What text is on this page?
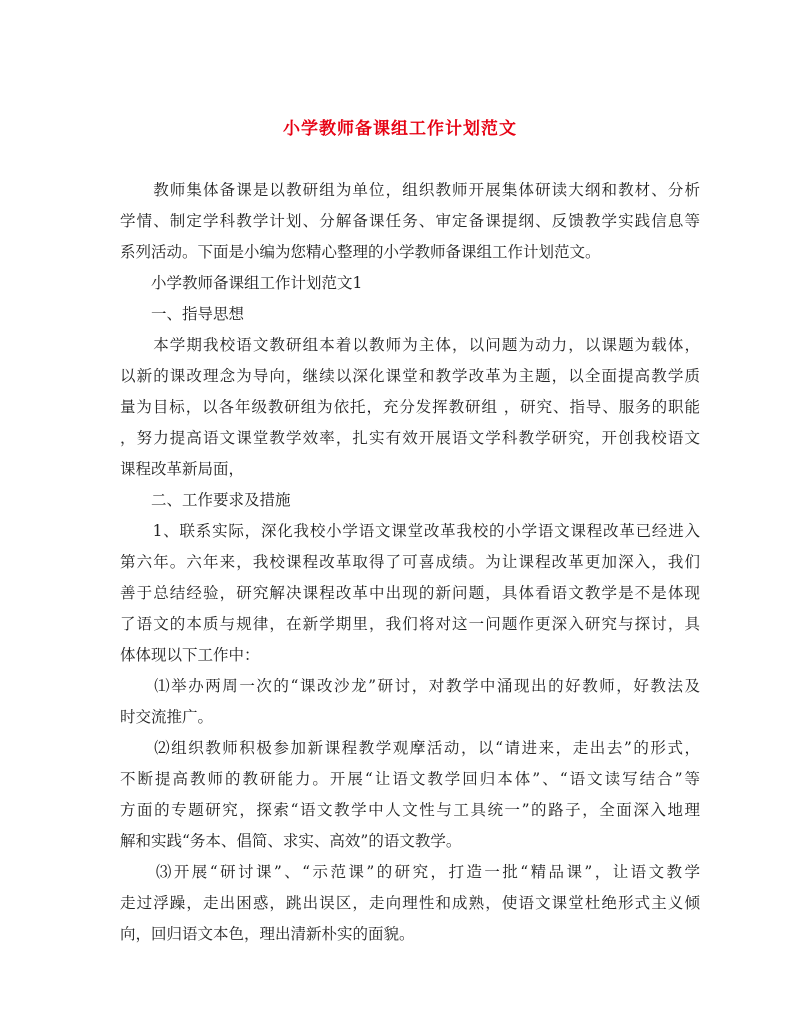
小学教师备课组工作计划范文
　　教师集体备课是以教研组为单位，组织教师开展集体研读大纲和教材、分析
学情、制定学科教学计划、分解备课任务、审定备课提纲、反馈教学实践信息等
系列活动。下面是小编为您精心整理的小学教师备课组工作计划范文。
　　小学教师备课组工作计划范文1
　　一、指导思想
　　本学期我校语文教研组本着以教师为主体，以问题为动力，以课题为载体，
以新的课改理念为导向，继续以深化课堂和教学改革为主题，以全面提高教学质
量为目标，以各年级教研组为依托，充分发挥教研组 ，研究、指导、服务的职能
，努力提高语文课堂教学效率，扎实有效开展语文学科教学研究，开创我校语文
课程改革新局面，
　　二、工作要求及措施
　　1、联系实际，深化我校小学语文课堂改革我校的小学语文课程改革已经进入
第六年。六年来，我校课程改革取得了可喜成绩。为让课程改革更加深入，我们
善于总结经验，研究解决课程改革中出现的新问题，具体看语文教学是不是体现
了语文的本质与规律，在新学期里，我们将对这一问题作更深入研究与探讨，具
体体现以下工作中：
　　⑴举办两周一次的“课改沙龙”研讨，对教学中涌现出的好教师，好教法及
时交流推广。
　　⑵组织教师积极参加新课程教学观摩活动，以“请进来，走出去”的形式，
不断提高教师的教研能力。开展“让语文教学回归本体”、“语文读写结合”等
方面的专题研究，探索“语文教学中人文性与工具统一”的路子，全面深入地理
解和实践“务本、倡简、求实、高效”的语文教学。
　　⑶开展“研讨课”、“示范课”的研究，打造一批“精品课”，让语文教学
走过浮躁，走出困惑，跳出误区，走向理性和成熟，使语文课堂杜绝形式主义倾
向，回归语文本色，理出清新朴实的面貌。
